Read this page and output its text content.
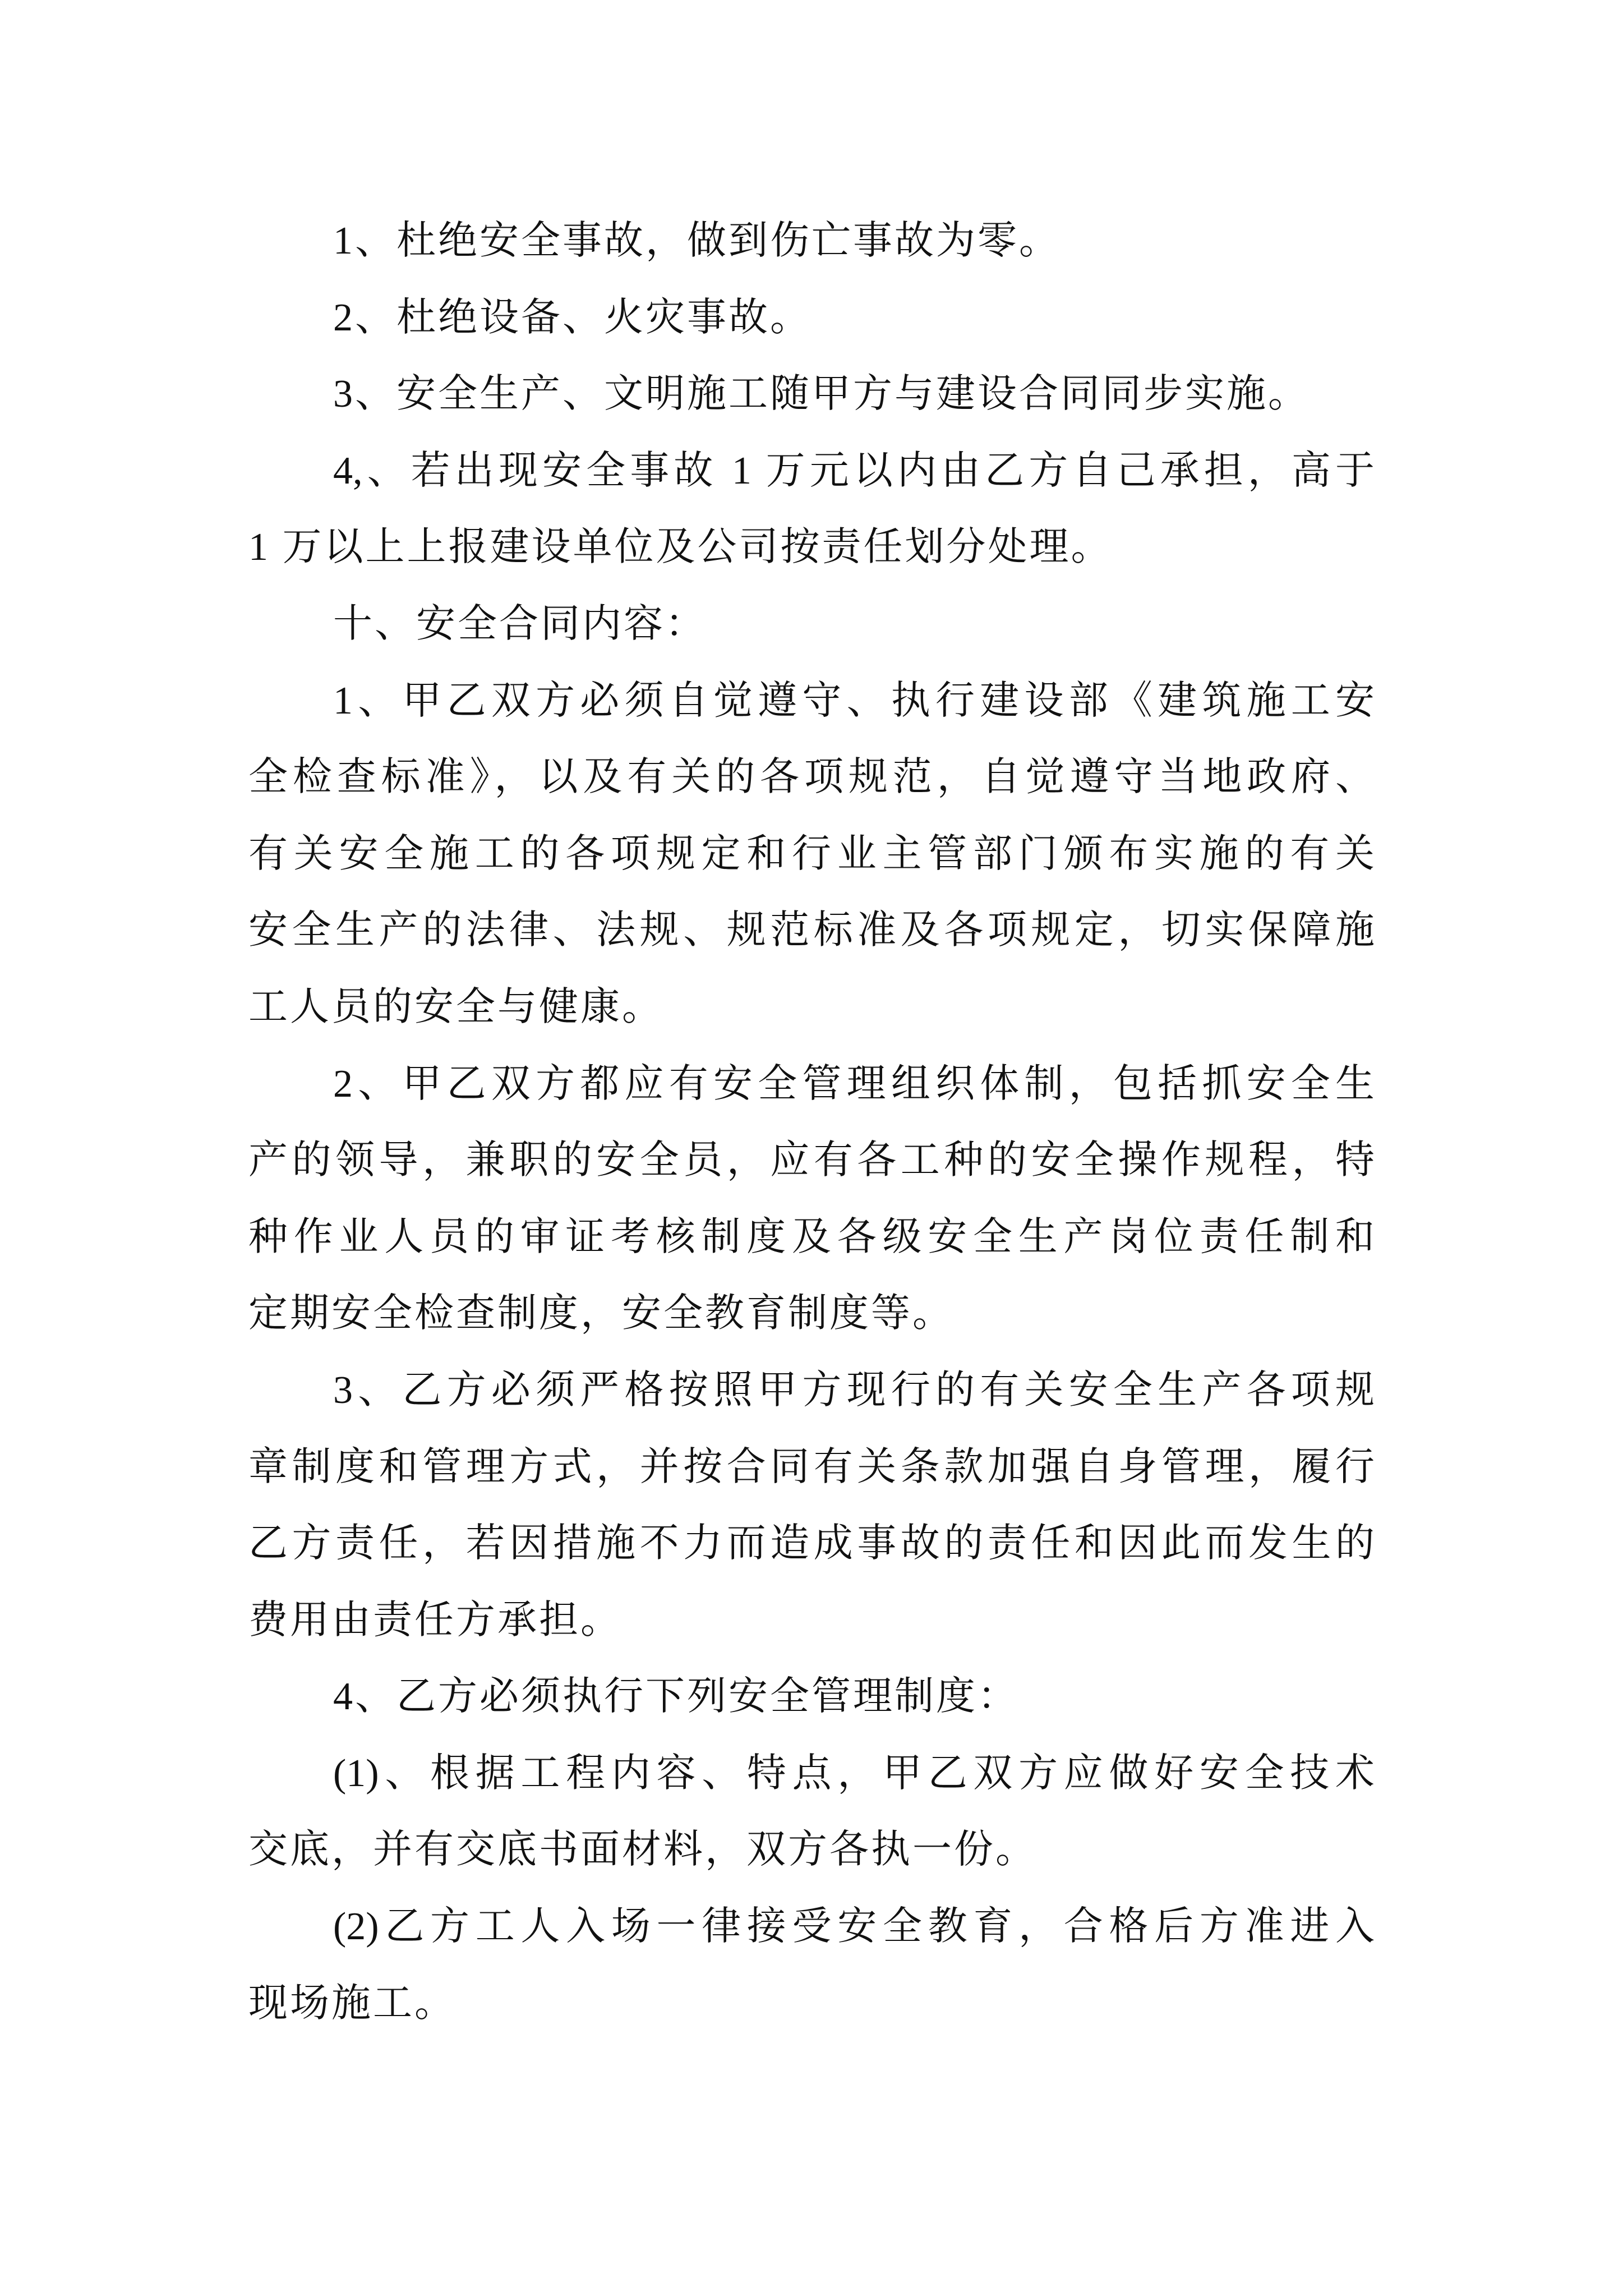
1、杜绝安全事故，做到伤亡事故为零。
2、杜绝设备、火灾事故。
3、安全生产、文明施工随甲方与建设合同同步实施。
4,、若出现安全事故 1 万元以内由乙方自己承担，高于
1 万以上上报建设单位及公司按责任划分处理。
十、安全合同内容：
1、甲乙双方必须自觉遵守、执行建设部《建筑施工安
全检查标准》，以及有关的各项规范，自觉遵守当地政府、
有关安全施工的各项规定和行业主管部门颁布实施的有关
安全生产的法律、法规、规范标准及各项规定，切实保障施
工人员的安全与健康。
2、甲乙双方都应有安全管理组织体制，包括抓安全生
产的领导，兼职的安全员，应有各工种的安全操作规程，特
种作业人员的审证考核制度及各级安全生产岗位责任制和
定期安全检查制度，安全教育制度等。
3、乙方必须严格按照甲方现行的有关安全生产各项规
章制度和管理方式，并按合同有关条款加强自身管理，履行
乙方责任，若因措施不力而造成事故的责任和因此而发生的
费用由责任方承担。
4、乙方必须执行下列安全管理制度：
(1)、根据工程内容、特点，甲乙双方应做好安全技术
交底，并有交底书面材料，双方各执一份。
(2)乙方工人入场一律接受安全教育，合格后方准进入
现场施工。
